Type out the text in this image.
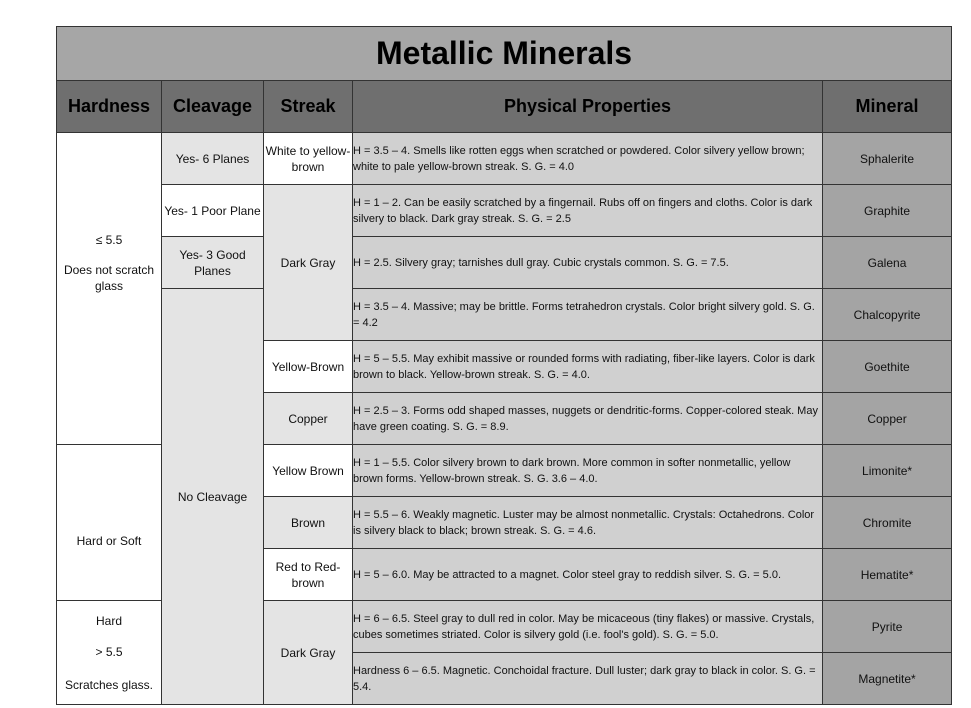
Metallic Minerals				
Hardness	Cleavage	Streak	Physical Properties	Mineral

≤ 5.5
Does not scratch glass	Yes- 6 Planes	White to yellow-brown	H = 3.5 – 4. Smells like rotten eggs when scratched or powdered. Color silvery yellow brown; white to pale yellow-brown streak. S. G. = 4.0	Sphalerite
	Yes- 1 Poor Plane	Dark Gray	H = 1 – 2. Can be easily scratched by a fingernail. Rubs off on fingers and cloths. Color is dark silvery to black. Dark gray streak. S. G. = 2.5	Graphite
	Yes- 3 Good Planes		H = 2.5. Silvery gray; tarnishes dull gray. Cubic crystals common. S. G. = 7.5.	Galena
	No Cleavage		H = 3.5 – 4. Massive; may be brittle. Forms tetrahedron crystals. Color bright silvery gold. S. G. = 4.2	Chalcopyrite
		Yellow-Brown	H = 5 – 5.5. May exhibit massive or rounded forms with radiating, fiber-like layers. Color is dark brown to black. Yellow-brown streak. S. G. = 4.0.	Goethite
		Copper	H = 2.5 – 3. Forms odd shaped masses, nuggets or dendritic-forms. Copper-colored steak. May have green coating. S. G. = 8.9.	Copper
Hard or Soft		Yellow Brown	H = 1 – 5.5. Color silvery brown to dark brown. More common in softer nonmetallic, yellow brown forms. Yellow-brown streak. S. G. 3.6 – 4.0.	Limonite*
		Brown	H = 5.5 – 6. Weakly magnetic. Luster may be almost nonmetallic. Crystals: Octahedrons. Color is silvery black to black; brown streak. S. G. = 4.6.	Chromite
		Red to Red-brown	H = 5 – 6.0. May be attracted to a magnet. Color steel gray to reddish silver. S. G. = 5.0.	Hematite*

Hard
> 5.5
Scratches glass.		Dark Gray	H = 6 – 6.5. Steel gray to dull red in color. May be micaceous (tiny flakes) or massive. Crystals, cubes sometimes striated. Color is silvery gold (i.e. fool's gold). S. G. = 5.0.	Pyrite
			Hardness 6 – 6.5. Magnetic. Conchoidal fracture. Dull luster; dark gray to black in color. S. G. = 5.4.	Magnetite*
